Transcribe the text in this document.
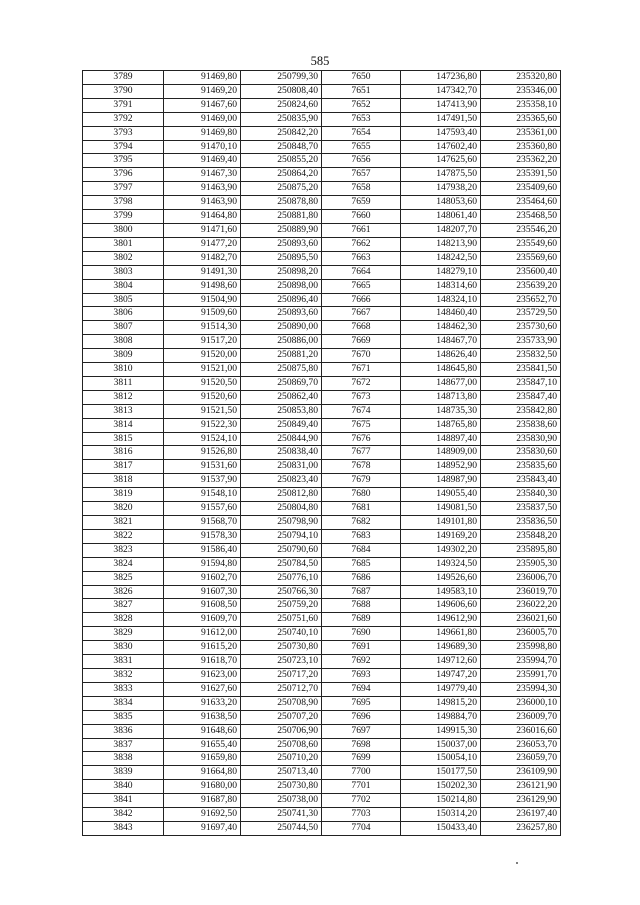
585
3789	91469,80	250799,30	7650	147236,80	235320,80
3790	91469,20	250808,40	7651	147342,70	235346,00
3791	91467,60	250824,60	7652	147413,90	235358,10
3792	91469,00	250835,90	7653	147491,50	235365,60
3793	91469,80	250842,20	7654	147593,40	235361,00
3794	91470,10	250848,70	7655	147602,40	235360,80
3795	91469,40	250855,20	7656	147625,60	235362,20
3796	91467,30	250864,20	7657	147875,50	235391,50
3797	91463,90	250875,20	7658	147938,20	235409,60
3798	91463,90	250878,80	7659	148053,60	235464,60
3799	91464,80	250881,80	7660	148061,40	235468,50
3800	91471,60	250889,90	7661	148207,70	235546,20
3801	91477,20	250893,60	7662	148213,90	235549,60
3802	91482,70	250895,50	7663	148242,50	235569,60
3803	91491,30	250898,20	7664	148279,10	235600,40
3804	91498,60	250898,00	7665	148314,60	235639,20
3805	91504,90	250896,40	7666	148324,10	235652,70
3806	91509,60	250893,60	7667	148460,40	235729,50
3807	91514,30	250890,00	7668	148462,30	235730,60
3808	91517,20	250886,00	7669	148467,70	235733,90
3809	91520,00	250881,20	7670	148626,40	235832,50
3810	91521,00	250875,80	7671	148645,80	235841,50
3811	91520,50	250869,70	7672	148677,00	235847,10
3812	91520,60	250862,40	7673	148713,80	235847,40
3813	91521,50	250853,80	7674	148735,30	235842,80
3814	91522,30	250849,40	7675	148765,80	235838,60
3815	91524,10	250844,90	7676	148897,40	235830,90
3816	91526,80	250838,40	7677	148909,00	235830,60
3817	91531,60	250831,00	7678	148952,90	235835,60
3818	91537,90	250823,40	7679	148987,90	235843,40
3819	91548,10	250812,80	7680	149055,40	235840,30
3820	91557,60	250804,80	7681	149081,50	235837,50
3821	91568,70	250798,90	7682	149101,80	235836,50
3822	91578,30	250794,10	7683	149169,20	235848,20
3823	91586,40	250790,60	7684	149302,20	235895,80
3824	91594,80	250784,50	7685	149324,50	235905,30
3825	91602,70	250776,10	7686	149526,60	236006,70
3826	91607,30	250766,30	7687	149583,10	236019,70
3827	91608,50	250759,20	7688	149606,60	236022,20
3828	91609,70	250751,60	7689	149612,90	236021,60
3829	91612,00	250740,10	7690	149661,80	236005,70
3830	91615,20	250730,80	7691	149689,30	235998,80
3831	91618,70	250723,10	7692	149712,60	235994,70
3832	91623,00	250717,20	7693	149747,20	235991,70
3833	91627,60	250712,70	7694	149779,40	235994,30
3834	91633,20	250708,90	7695	149815,20	236000,10
3835	91638,50	250707,20	7696	149884,70	236009,70
3836	91648,60	250706,90	7697	149915,30	236016,60
3837	91655,40	250708,60	7698	150037,00	236053,70
3838	91659,80	250710,20	7699	150054,10	236059,70
3839	91664,80	250713,40	7700	150177,50	236109,90
3840	91680,00	250730,80	7701	150202,30	236121,90
3841	91687,80	250738,00	7702	150214,80	236129,90
3842	91692,50	250741,30	7703	150314,20	236197,40
3843	91697,40	250744,50	7704	150433,40	236257,80
